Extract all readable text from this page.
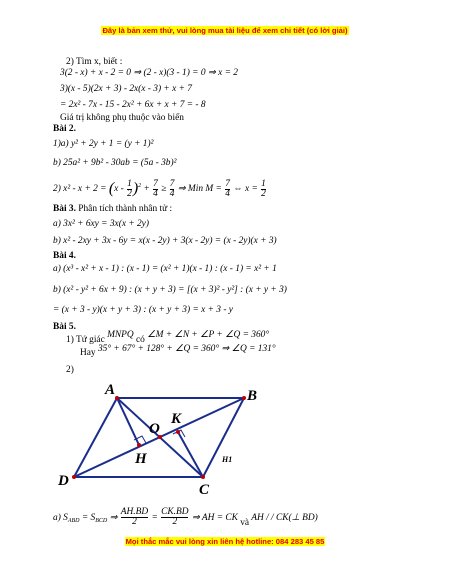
Đây là bản xem thử, vui lòng mua tài liệu để xem chi tiết (có lời giải)
2) Tìm x, biết :
3(2 - x) + x - 2 = 0 ⇒ (2 - x)(3 - 1) = 0 ⇒ x = 2
3)(x - 5)(2x + 3) - 2x(x - 3) + x + 7
= 2x² - 7x - 15 - 2x² + 6x + x + 7 = - 8
Giá trị không phụ thuộc vào biến
Bài 2.
1)a) y² + 2y + 1 = (y + 1)²
b) 25a² + 9b² - 30ab = (5a - 3b)²
2) $x^2 - x + 2 = (x - \frac{1}{2} )^2 + \frac{7}{4} \ge \frac{7}{4}$ ⇒ Min $M = \frac{7}{4}$ ⇔ $x = \frac{1}{2}$
Bài 3. Phân tích thành nhân tử :
a) 3x² + 6xy = 3x(x + 2y)
b) x² - 2xy + 3x - 6y = x(x - 2y) + 3(x - 2y) = (x - 2y)(x + 3)
Bài 4.
a) (x³ - x² + x - 1) : (x - 1) = (x² + 1)(x - 1) : (x - 1) = x² + 1
b) (x² - y² + 6x + 9) : (x + y + 3) = [(x + 3)² - y²] : (x + y + 3)
= (x + 3 - y)(x + y + 3) : (x + y + 3) = x + 3 - y
Bài 5.
1) Tứ giác MNPQ có ∠M + ∠N + ∠P + ∠Q = 360°
Hay 35° + 67° + 128° + ∠Q = 360° ⇒ ∠Q = 131°
2)
A	B
C
D
H
K
O
H1
a) $S_{ABD} = S_{BCD}$ ⇒ $\frac{AH.BD}{2} = \frac{CK.BD}{2}$ ⇒ AH = CK và AH / / CK(⊥ BD)
Mọi thắc mắc vui lòng xin liên hệ hotline: 084 283 45 85
